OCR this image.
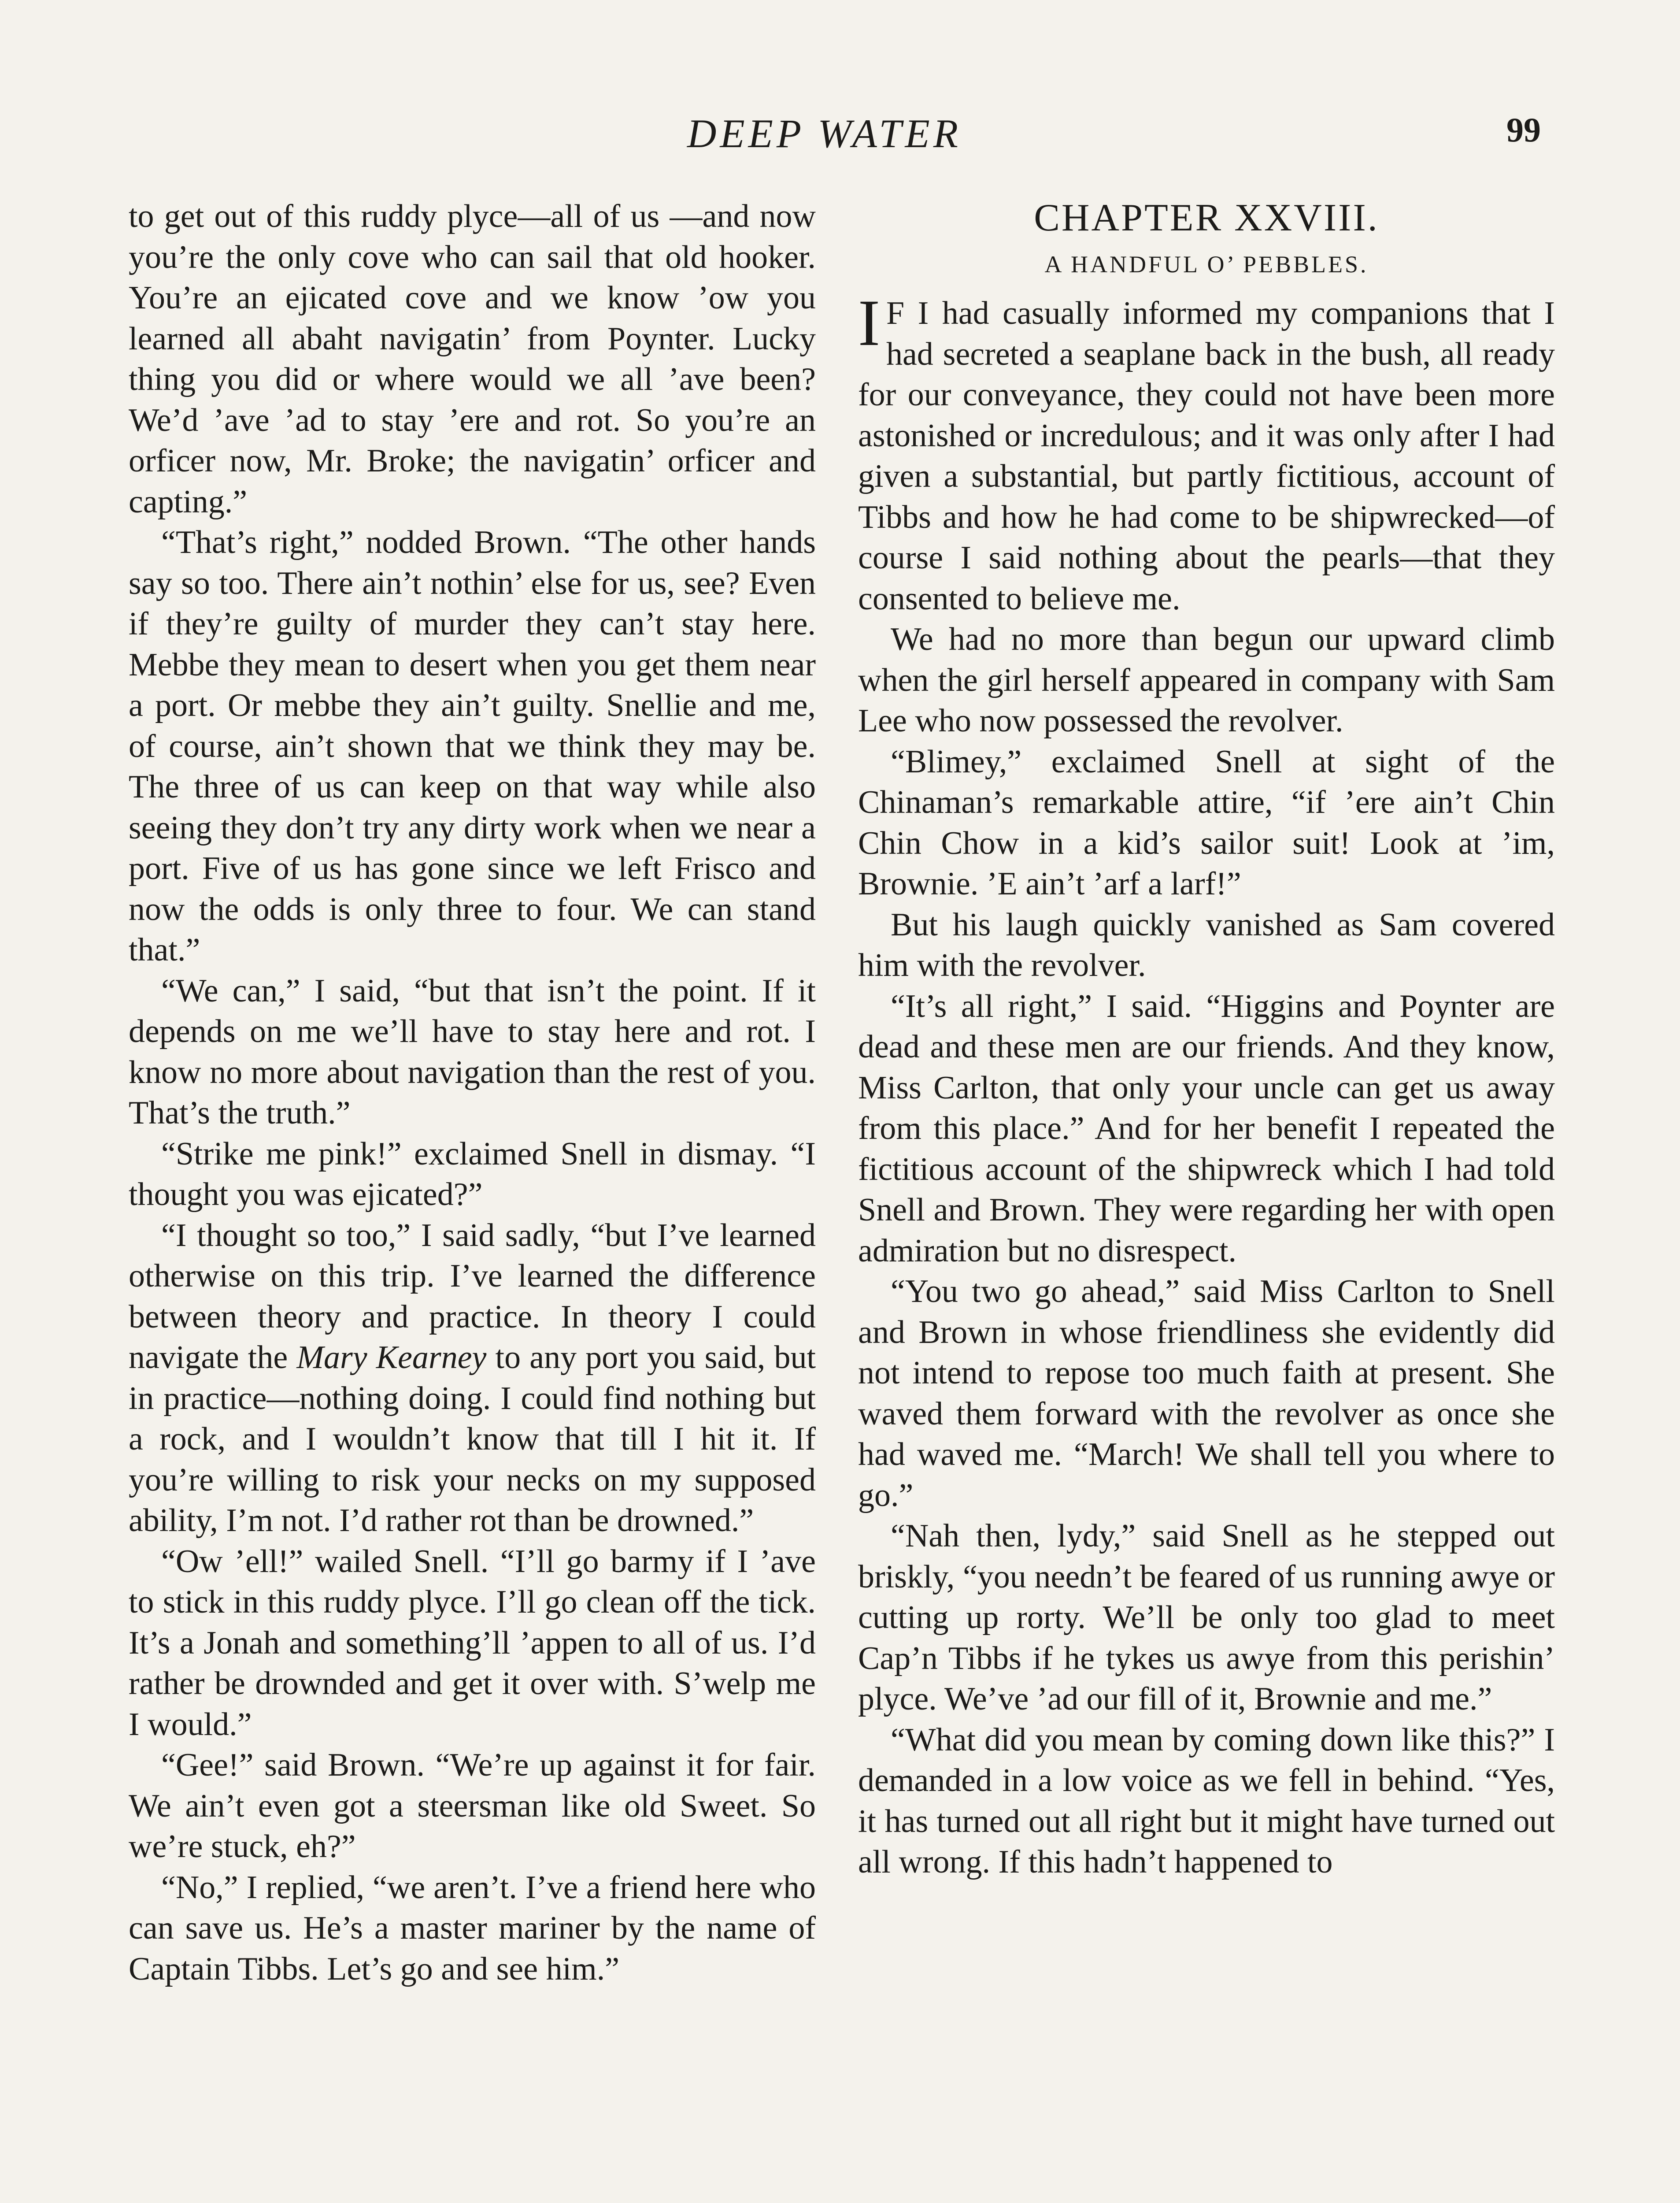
DEEP WATER	99

to get out of this ruddy plyce—all of us —and now you’re the only cove who can sail that old hooker. You’re an ejicated cove and we know ’ow you learned all abaht navigatin’ from Poynter. Lucky thing you did or where would we all ’ave been? We’d ’ave ’ad to stay ’ere and rot. So you’re an orficer now, Mr. Broke; the navigatin’ orficer and capting.”

“That’s right,” nodded Brown. “The other hands say so too. There ain’t nothin’ else for us, see? Even if they’re guilty of murder they can’t stay here. Mebbe they mean to desert when you get them near a port. Or mebbe they ain’t guilty. Snellie and me, of course, ain’t shown that we think they may be. The three of us can keep on that way while also seeing they don’t try any dirty work when we near a port. Five of us has gone since we left Frisco and now the odds is only three to four. We can stand that.”

“We can,” I said, “but that isn’t the point. If it depends on me we’ll have to stay here and rot. I know no more about navigation than the rest of you. That’s the truth.”

“Strike me pink!” exclaimed Snell in dismay. “I thought you was ejicated?”

“I thought so too,” I said sadly, “but I’ve learned otherwise on this trip. I’ve learned the difference between theory and practice. In theory I could navigate the Mary Kearney to any port you said, but in practice—nothing doing. I could find nothing but a rock, and I wouldn’t know that till I hit it. If you’re willing to risk your necks on my supposed ability, I’m not. I’d rather rot than be drowned.”

“Ow ’ell!” wailed Snell. “I’ll go barmy if I ’ave to stick in this ruddy plyce. I’ll go clean off the tick. It’s a Jonah and something’ll ’appen to all of us. I’d rather be drownded and get it over with. S’welp me I would.”

“Gee!” said Brown. “We’re up against it for fair. We ain’t even got a steersman like old Sweet. So we’re stuck, eh?”

“No,” I replied, “we aren’t. I’ve a friend here who can save us. He’s a master mariner by the name of Captain Tibbs. Let’s go and see him.”

CHAPTER XXVIII.
A HANDFUL O’ PEBBLES.

I F I had casually informed my companions that I had secreted a seaplane back in the bush, all ready for our conveyance, they could not have been more astonished or incredulous; and it was only after I had given a substantial, but partly fictitious, account of Tibbs and how he had come to be shipwrecked—of course I said nothing about the pearls—that they consented to believe me.

We had no more than begun our upward climb when the girl herself appeared in company with Sam Lee who now possessed the revolver.

“Blimey,” exclaimed Snell at sight of the Chinaman’s remarkable attire, “if ’ere ain’t Chin Chin Chow in a kid’s sailor suit! Look at ’im, Brownie. ’E ain’t ’arf a larf!”

But his laugh quickly vanished as Sam covered him with the revolver.

“It’s all right,” I said. “Higgins and Poynter are dead and these men are our friends. And they know, Miss Carlton, that only your uncle can get us away from this place.” And for her benefit I repeated the fictitious account of the shipwreck which I had told Snell and Brown. They were regarding her with open admiration but no disrespect.

“You two go ahead,” said Miss Carlton to Snell and Brown in whose friendliness she evidently did not intend to repose too much faith at present. She waved them forward with the revolver as once she had waved me. “March! We shall tell you where to go.”

“Nah then, lydy,” said Snell as he stepped out briskly, “you needn’t be feared of us running awye or cutting up rorty. We’ll be only too glad to meet Cap’n Tibbs if he tykes us awye from this perishin’ plyce. We’ve ’ad our fill of it, Brownie and me.”

“What did you mean by coming down like this?” I demanded in a low voice as we fell in behind. “Yes, it has turned out all right but it might have turned out all wrong. If this hadn’t happened to
